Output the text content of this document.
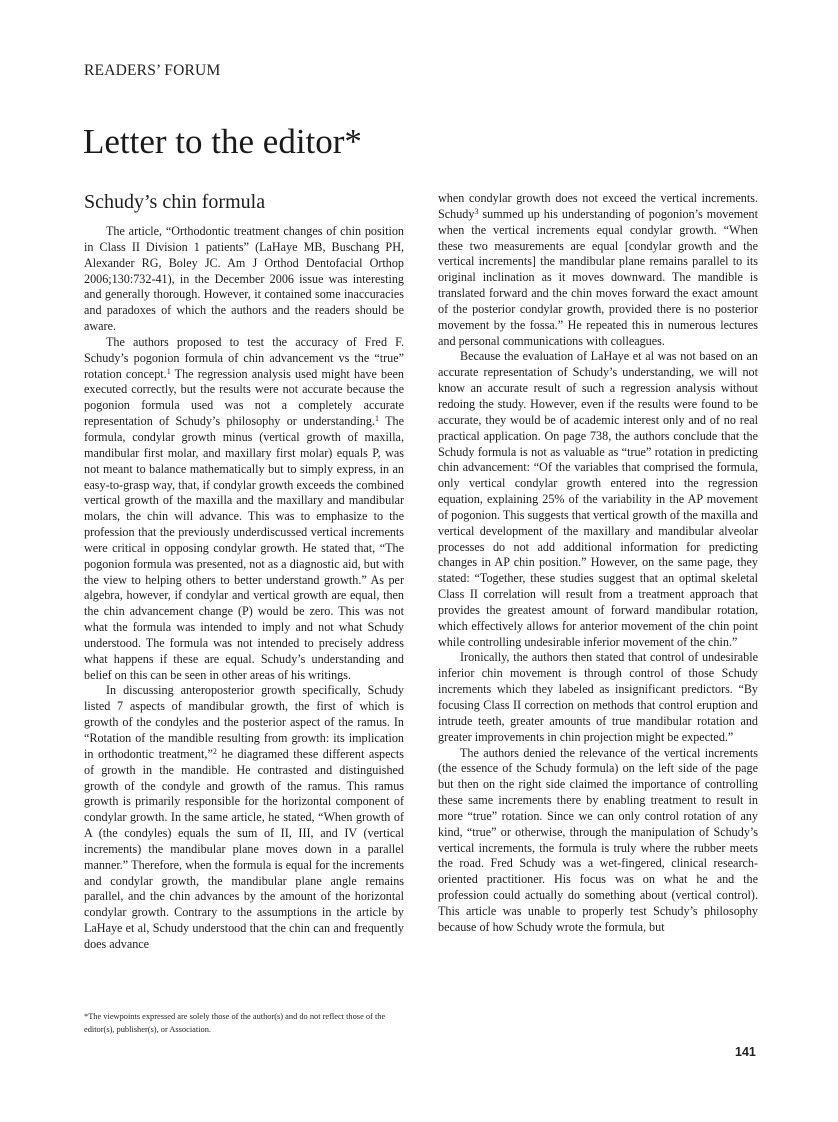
READERS’ FORUM
Letter to the editor*
Schudy’s chin formula

The article, “Orthodontic treatment changes of chin position in Class II Division 1 patients” (LaHaye MB, Buschang PH, Alexander RG, Boley JC. Am J Orthod Dentofacial Orthop 2006;130:732-41), in the December 2006 issue was interesting and generally thorough. However, it contained some inaccuracies and paradoxes of which the authors and the readers should be aware.

The authors proposed to test the accuracy of Fred F. Schudy’s pogonion formula of chin advancement vs the “true” rotation concept.$^1$ The regression analysis used might have been executed correctly, but the results were not accurate because the pogonion formula used was not a completely accurate representation of Schudy’s philosophy or understanding.$^1$ The formula, condylar growth minus (vertical growth of maxilla, mandibular first molar, and maxillary first molar) equals P, was not meant to balance mathematically but to simply express, in an easy-to-grasp way, that, if condylar growth exceeds the combined vertical growth of the maxilla and the maxillary and mandibular molars, the chin will advance. This was to emphasize to the profession that the previously underdiscussed vertical increments were critical in opposing condylar growth. He stated that, “The pogonion formula was presented, not as a diagnostic aid, but with the view to helping others to better understand growth.” As per algebra, however, if condylar and vertical growth are equal, then the chin advancement change (P) would be zero. This was not what the formula was intended to imply and not what Schudy understood. The formula was not intended to precisely address what happens if these are equal. Schudy’s understanding and belief on this can be seen in other areas of his writings.

In discussing anteroposterior growth specifically, Schudy listed 7 aspects of mandibular growth, the first of which is growth of the condyles and the posterior aspect of the ramus. In “Rotation of the mandible resulting from growth: its implication in orthodontic treatment,”$^2$ he diagramed these different aspects of growth in the mandible. He contrasted and distinguished growth of the condyle and growth of the ramus. This ramus growth is primarily responsible for the horizontal component of condylar growth. In the same article, he stated, “When growth of A (the condyles) equals the sum of II, III, and IV (vertical increments) the mandibular plane moves down in a parallel manner.” Therefore, when the formula is equal for the increments and condylar growth, the mandibular plane angle remains parallel, and the chin advances by the amount of the horizontal condylar growth. Contrary to the assumptions in the article by LaHaye et al, Schudy understood that the chin can and frequently does advance

when condylar growth does not exceed the vertical increments. Schudy$^3$ summed up his understanding of pogonion’s movement when the vertical increments equal condylar growth. “When these two measurements are equal [condylar growth and the vertical increments] the mandibular plane remains parallel to its original inclination as it moves downward. The mandible is translated forward and the chin moves forward the exact amount of the posterior condylar growth, provided there is no posterior movement by the fossa.” He repeated this in numerous lectures and personal communications with colleagues.

Because the evaluation of LaHaye et al was not based on an accurate representation of Schudy’s understanding, we will not know an accurate result of such a regression analysis without redoing the study. However, even if the results were found to be accurate, they would be of academic interest only and of no real practical application. On page 738, the authors conclude that the Schudy formula is not as valuable as “true” rotation in predicting chin advancement: “Of the variables that comprised the formula, only vertical condylar growth entered into the regression equation, explaining 25% of the variability in the AP movement of pogonion. This suggests that vertical growth of the maxilla and vertical development of the maxillary and mandibular alveolar processes do not add additional information for predicting changes in AP chin position.” However, on the same page, they stated: “Together, these studies suggest that an optimal skeletal Class II correlation will result from a treatment approach that provides the greatest amount of forward mandibular rotation, which effectively allows for anterior movement of the chin point while controlling undesirable inferior movement of the chin.”

Ironically, the authors then stated that control of undesirable inferior chin movement is through control of those Schudy increments which they labeled as insignificant predictors. “By focusing Class II correction on methods that control eruption and intrude teeth, greater amounts of true mandibular rotation and greater improvements in chin projection might be expected.”

The authors denied the relevance of the vertical increments (the essence of the Schudy formula) on the left side of the page but then on the right side claimed the importance of controlling these same increments there by enabling treatment to result in more “true” rotation. Since we can only control rotation of any kind, “true” or otherwise, through the manipulation of Schudy’s vertical increments, the formula is truly where the rubber meets the road. Fred Schudy was a wet-fingered, clinical research-oriented practitioner. His focus was on what he and the profession could actually do something about (vertical control). This article was unable to properly test Schudy’s philosophy because of how Schudy wrote the formula, but

*The viewpoints expressed are solely those of the author(s) and do not reflect those of the editor(s), publisher(s), or Association.
141
